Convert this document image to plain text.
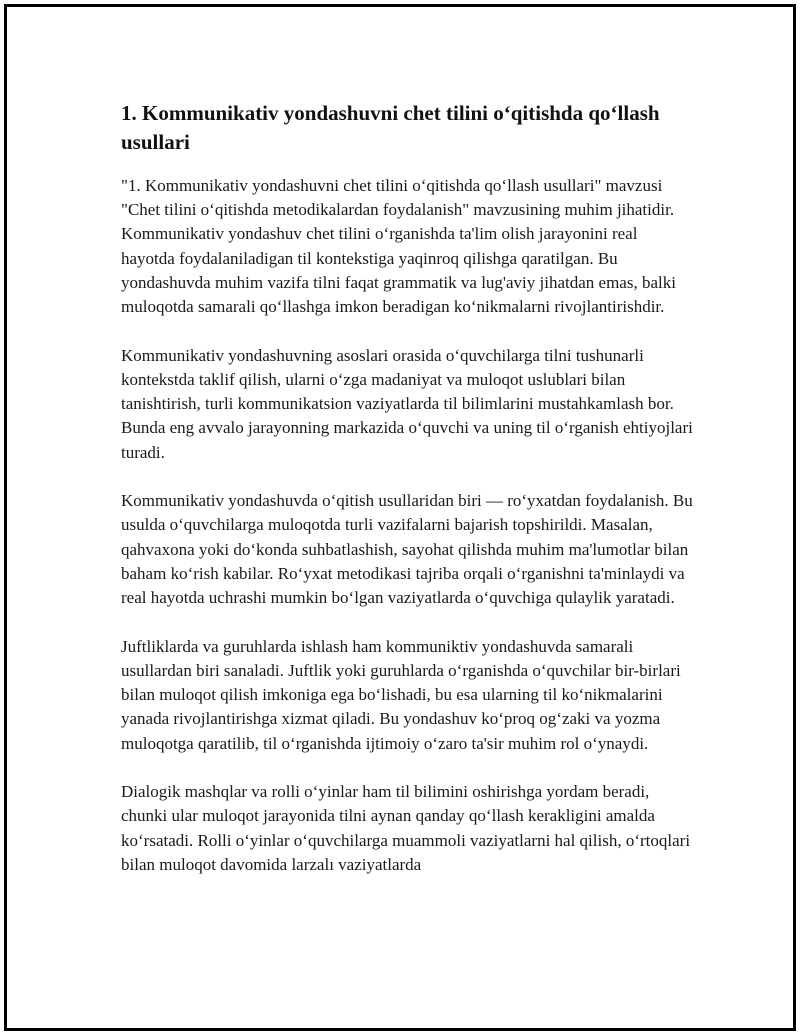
1. Kommunikativ yondashuvni chet tilini o‘qitishda qo‘llash usullari

"1. Kommunikativ yondashuvni chet tilini o‘qitishda qo‘llash usullari" mavzusi "Chet tilini o‘qitishda metodikalardan foydalanish" mavzusining muhim jihatidir. Kommunikativ yondashuv chet tilini o‘rganishda ta'lim olish jarayonini real hayotda foydalaniladigan til kontekstiga yaqinroq qilishga qaratilgan. Bu yondashuvda muhim vazifa tilni faqat grammatik va lug'aviy jihatdan emas, balki muloqotda samarali qo‘llashga imkon beradigan ko‘nikmalarni rivojlantirishdir.

Kommunikativ yondashuvning asoslari orasida o‘quvchilarga tilni tushunarli kontekstda taklif qilish, ularni o‘zga madaniyat va muloqot uslublari bilan tanishtirish, turli kommunikatsion vaziyatlarda til bilimlarini mustahkamlash bor. Bunda eng avvalo jarayonning markazida o‘quvchi va uning til o‘rganish ehtiyojlari turadi.

Kommunikativ yondashuvda o‘qitish usullaridan biri — ro‘yxatdan foydalanish. Bu usulda o‘quvchilarga muloqotda turli vazifalarni bajarish topshirildi. Masalan, qahvaxona yoki do‘konda suhbatlashish, sayohat qilishda muhim ma'lumotlar bilan baham ko‘rish kabilar. Ro‘yxat metodikasi tajriba orqali o‘rganishni ta'minlaydi va real hayotda uchrashi mumkin bo‘lgan vaziyatlarda o‘quvchiga qulaylik yaratadi.

Juftliklarda va guruhlarda ishlash ham kommuniktiv yondashuvda samarali usullardan biri sanaladi. Juftlik yoki guruhlarda o‘rganishda o‘quvchilar bir-birlari bilan muloqot qilish imkoniga ega bo‘lishadi, bu esa ularning til ko‘nikmalarini yanada rivojlantirishga xizmat qiladi. Bu yondashuv ko‘proq og‘zaki va yozma muloqotga qaratilib, til o‘rganishda ijtimoiy o‘zaro ta'sir muhim rol o‘ynaydi.

Dialogik mashqlar va rolli o‘yinlar ham til bilimini oshirishga yordam beradi, chunki ular muloqot jarayonida tilni aynan qanday qo‘llash kerakligini amalda ko‘rsatadi. Rolli o‘yinlar o‘quvchilarga muammoli vaziyatlarni hal qilish, o‘rtoqlari bilan muloqot davomida larzalı vaziyatlarda
